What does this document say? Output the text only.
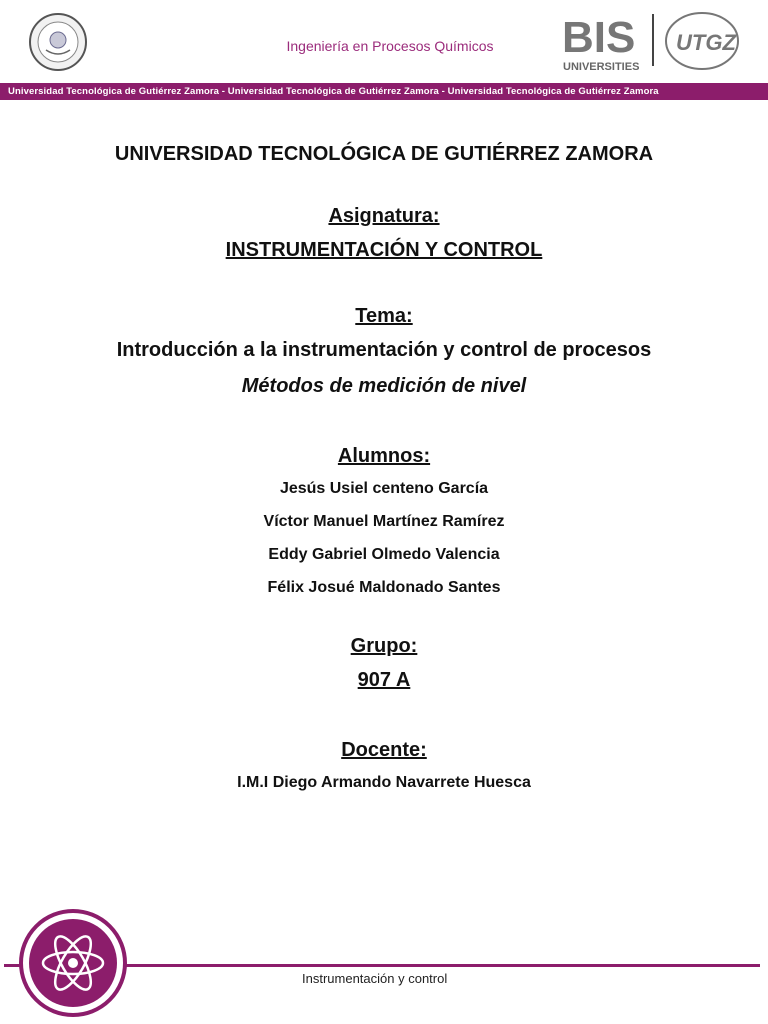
Ingeniería en Procesos Químicos	BIS
UNIVERSITIES
UTGZ
Universidad Tecnológica de Gutiérrez Zamora - Universidad Tecnológica de Gutiérrez Zamora - Universidad Tecnológica de Gutiérrez Zamora

UNIVERSIDAD TECNOLÓGICA DE GUTIÉRREZ ZAMORA

Asignatura:

INSTRUMENTACIÓN Y CONTROL

Tema:

Introducción a la instrumentación y control de procesos

Métodos de medición de nivel

Alumnos:

Jesús Usiel centeno García

Víctor Manuel Martínez Ramírez

Eddy Gabriel Olmedo Valencia

Félix Josué Maldonado Santes

Grupo:

907 A

Docente:

I.M.I Diego Armando Navarrete Huesca

Instrumentación y control
